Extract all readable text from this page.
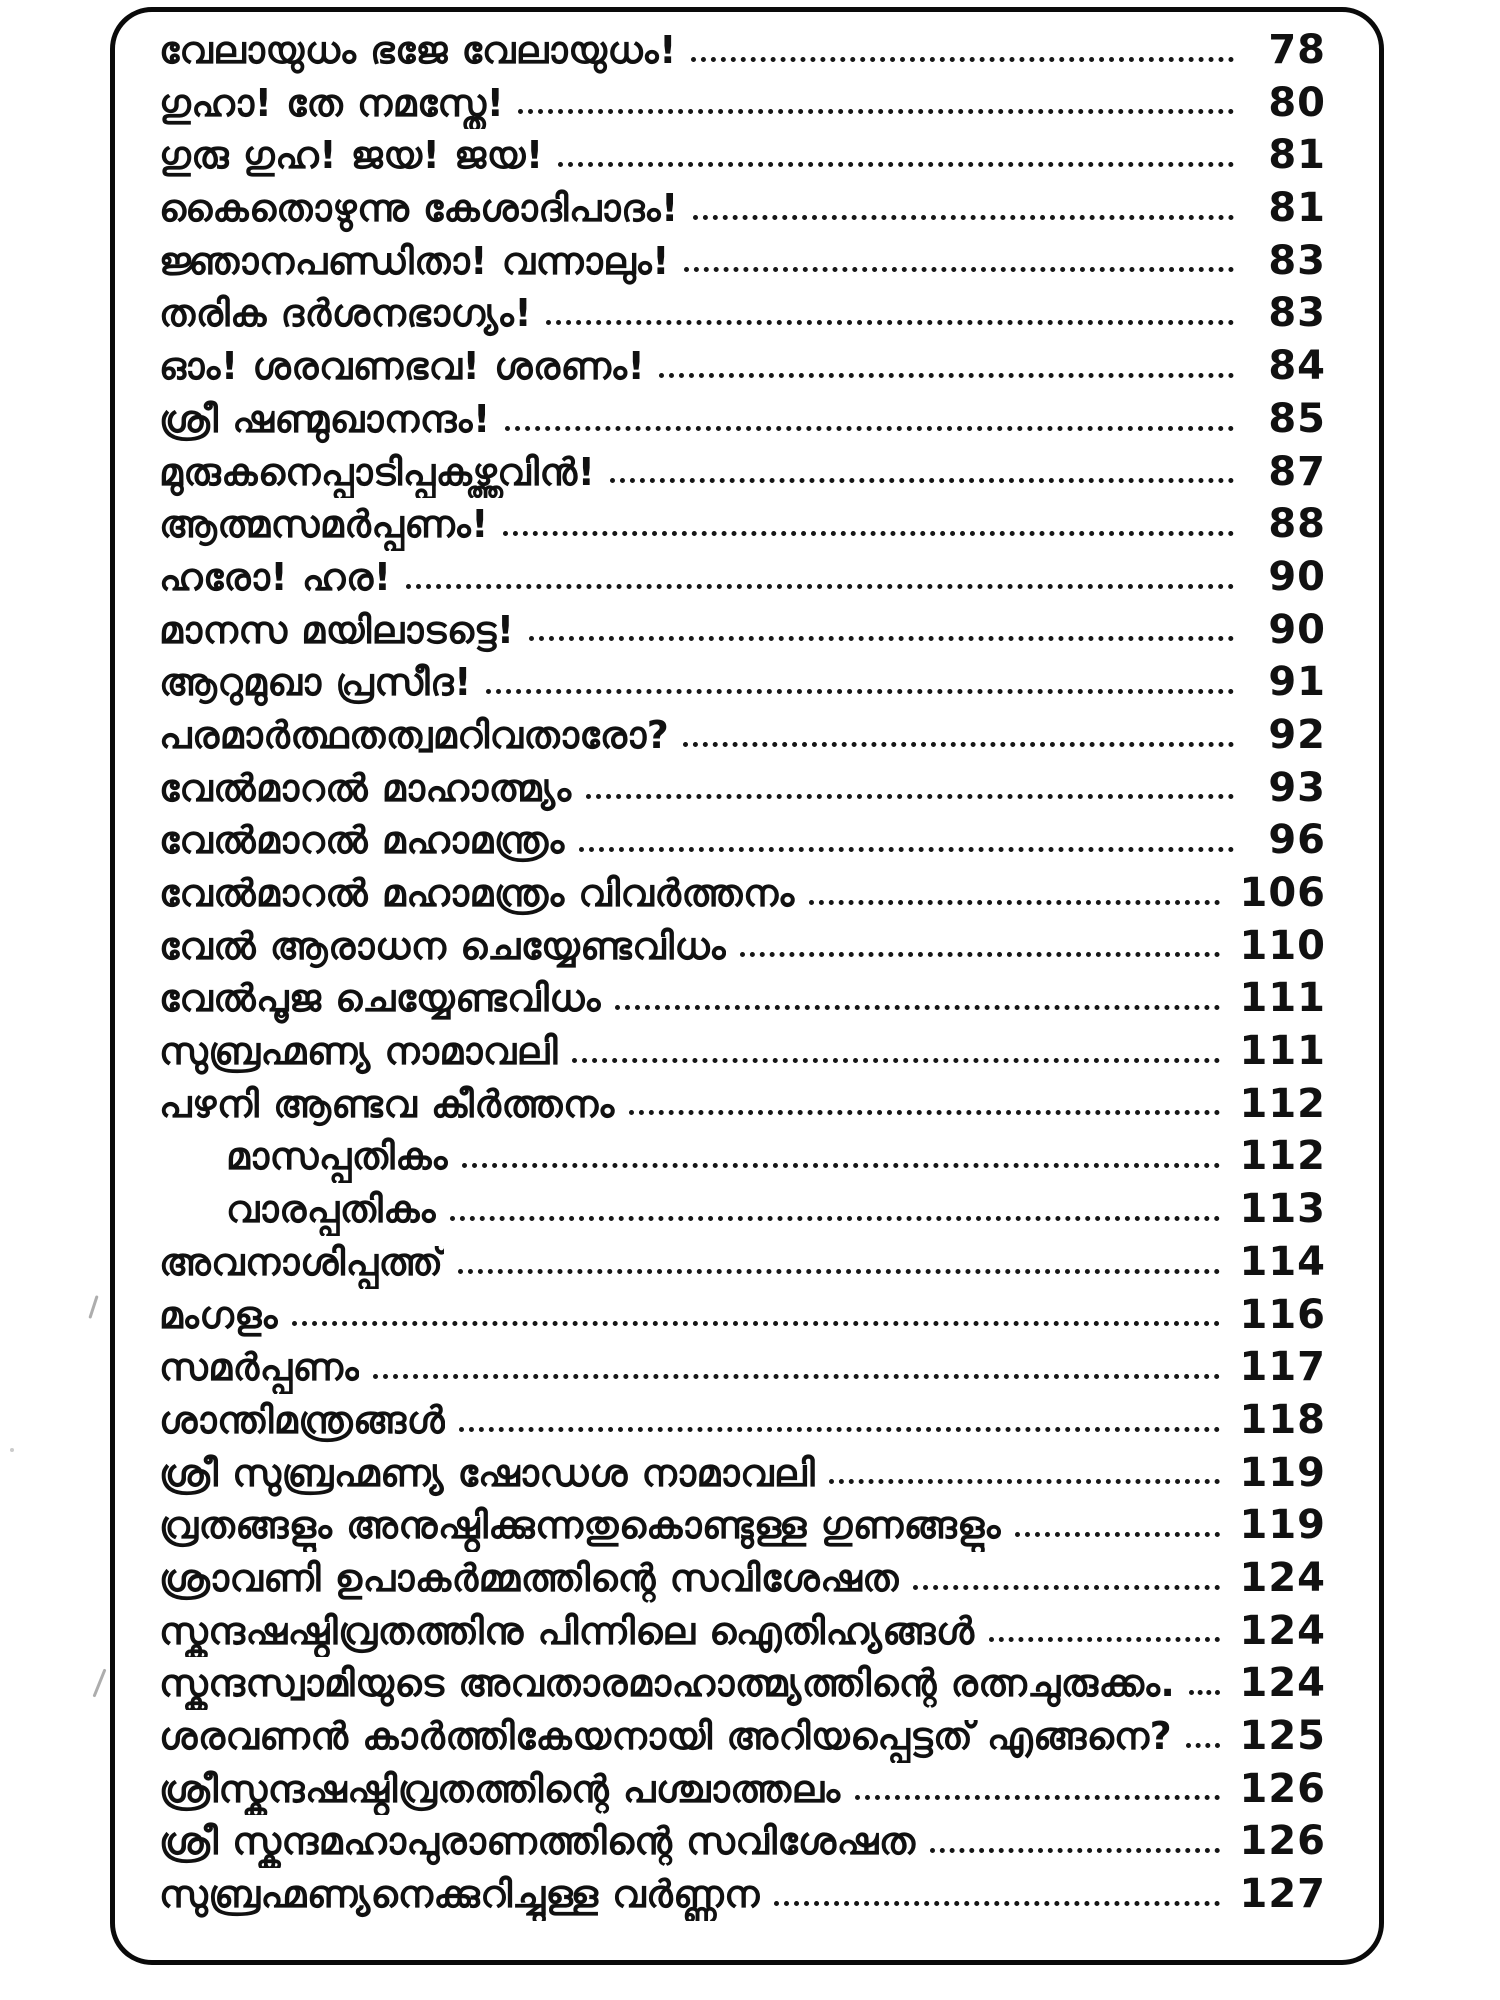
വേലായുധം ഭജേ വേലായുധം!	78
ഗുഹാ! തേ നമസ്തേ!	80
ഗുരു ഗുഹ! ജയ! ജയ!	81
കൈതൊഴുന്നു കേശാദിപാദം!	81
ജ്ഞാനപണ്ഡിതാ! വന്നാലും!	83
തരിക ദർശനഭാഗ്യം!	83
ഓം! ശരവണഭവ! ശരണം!	84
ശ്രീ ഷണ്മുഖാനന്ദം!	85
മുരുകനെപ്പാടിപ്പുകഴ്ത്തുവിൻ!	87
ആത്മസമർപ്പണം!	88
ഹരോ! ഹര!	90
മാനസ മയിലാടട്ടെ!	90
ആറുമുഖാ പ്രസീദ!	91
പരമാർത്ഥതത്വമറിവതാരോ?	92
വേൽമാറൽ മാഹാത്മ്യം	93
വേൽമാറൽ മഹാമന്ത്രം	96
വേൽമാറൽ മഹാമന്ത്രം വിവർത്തനം	106
വേൽ ആരാധന ചെയ്യേണ്ടവിധം	110
വേൽപൂജ ചെയ്യേണ്ടവിധം	111
സുബ്രഹ്മണ്യ നാമാവലി	111
പഴനി ആണ്ടവ കീർത്തനം	112
മാസപ്പതികം	112
വാരപ്പതികം	113
അവനാശിപ്പത്ത്	114
മംഗളം	116
സമർപ്പണം	117
ശാന്തിമന്ത്രങ്ങൾ	118
ശ്രീ സുബ്രഹ്മണ്യ ഷോഡശ നാമാവലി	119
വ്രതങ്ങളും അനുഷ്ഠിക്കുന്നതുകൊണ്ടുള്ള ഗുണങ്ങളും	119
ശ്രാവണി ഉപാകർമ്മത്തിന്റെ സവിശേഷത	124
സ്കന്ദഷഷ്ഠിവ്രതത്തിനു പിന്നിലെ ഐതിഹ്യങ്ങൾ	124
സ്കന്ദസ്വാമിയുടെ അവതാരമാഹാത്മ്യത്തിന്റെ രത്നചുരുക്കം. 124
ശരവണൻ കാർത്തികേയനായി അറിയപ്പെട്ടത് എങ്ങനെ? 125
ശ്രീസ്കന്ദഷഷ്ഠിവ്രതത്തിന്റെ പശ്ചാത്തലം	126
ശ്രീ സ്കന്ദമഹാപുരാണത്തിന്റെ സവിശേഷത	126
സുബ്രഹ്മണ്യനെക്കുറിച്ചുള്ള വർണ്ണന	127
